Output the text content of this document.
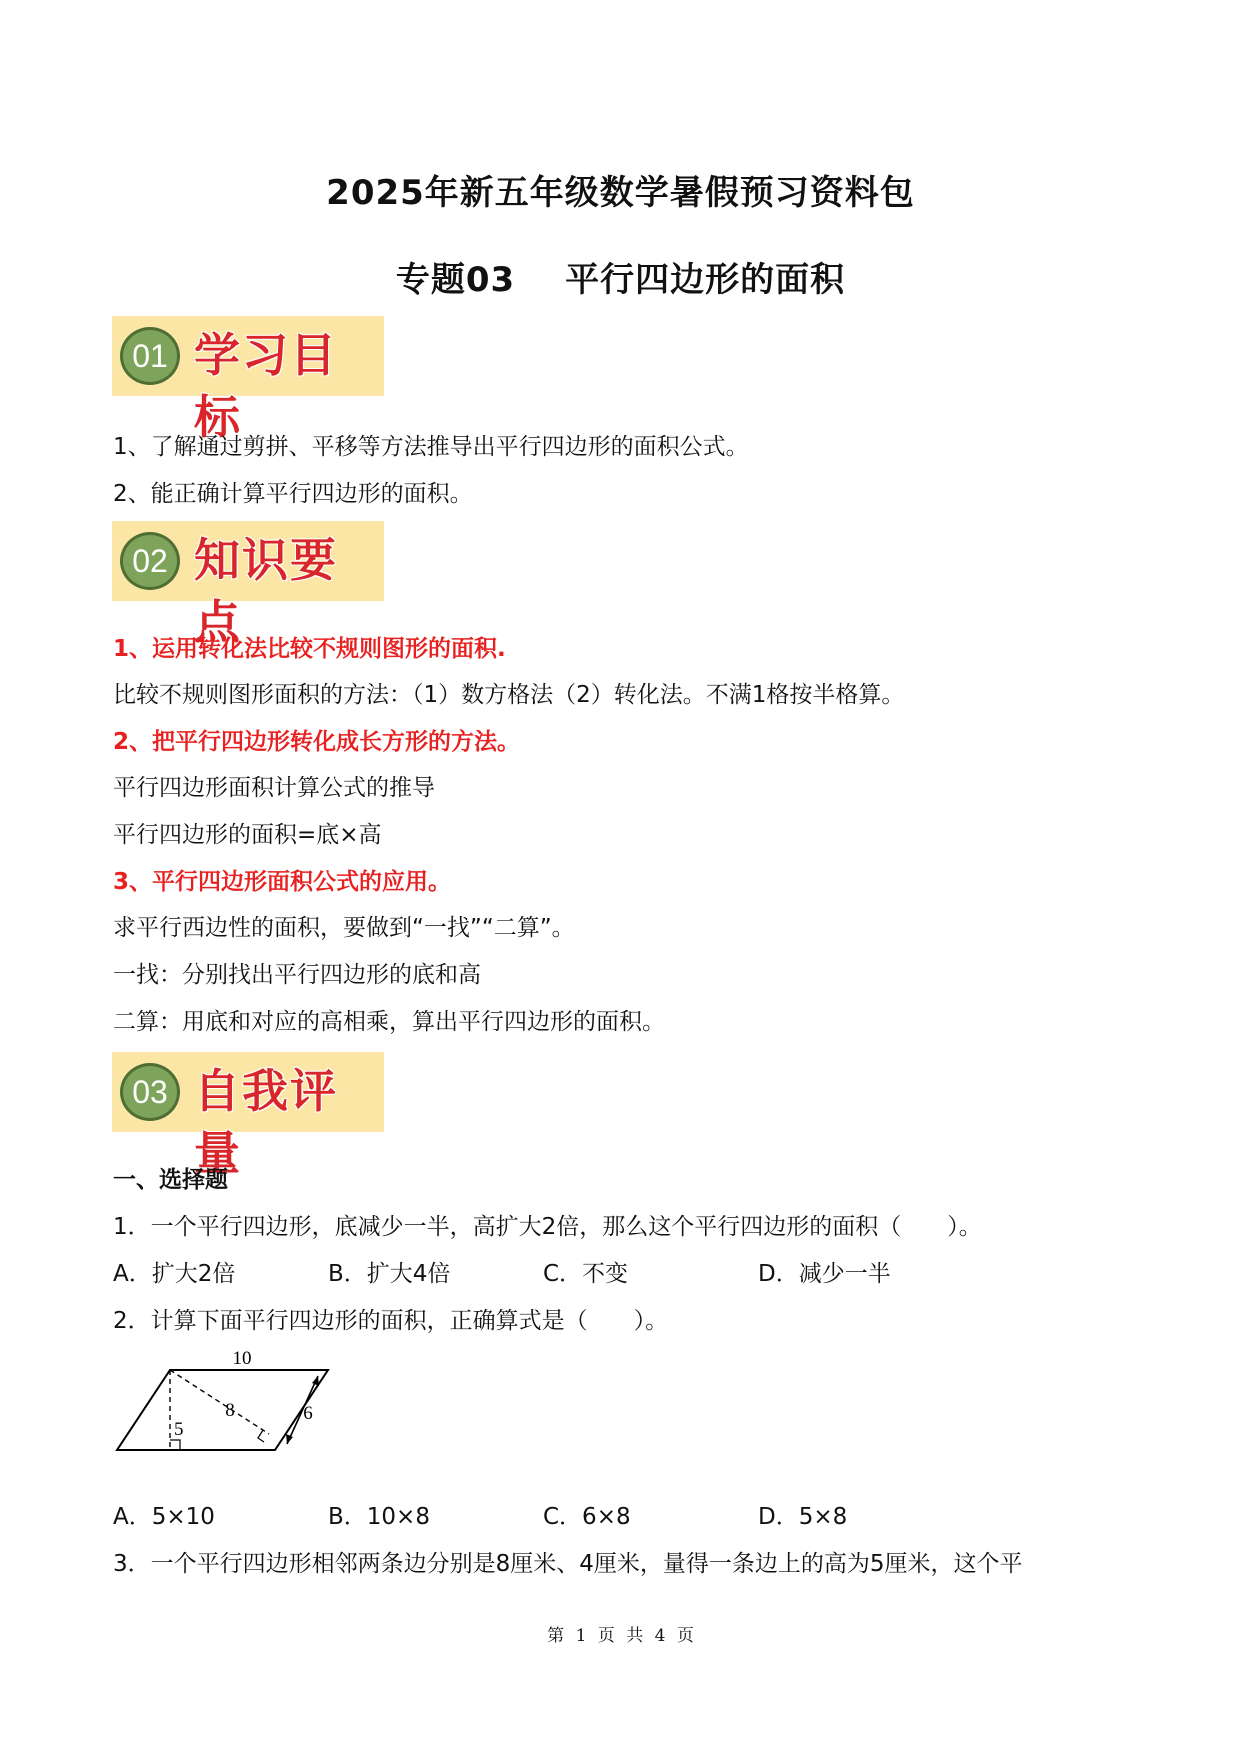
2025年新五年级数学暑假预习资料包
专题03 平行四边形的面积
01 学习目标
1、了解通过剪拼、平移等方法推导出平行四边形的面积公式。
2、能正确计算平行四边形的面积。
02 知识要点
1、运用转化法比较不规则图形的面积.
比较不规则图形面积的方法：（1）数方格法（2）转化法。不满1格按半格算。
2、把平行四边形转化成长方形的方法。
平行四边形面积计算公式的推导
平行四边形的面积=底×高
3、平行四边形面积公式的应用。
求平行西边性的面积，要做到“一找”“二算”。
一找：分别找出平行四边形的底和高
二算：用底和对应的高相乘，算出平行四边形的面积。
03 自我评量
一、选择题
1．一个平行四边形，底减少一半，高扩大2倍，那么这个平行四边形的面积（　　）。
A．扩大2倍	B．扩大4倍	C．不变	D．减少一半
2．计算下面平行四边形的面积，正确算式是（　　）。
10
8
5
6
A．5×10	B．10×8	C．6×8	D．5×8
3．一个平行四边形相邻两条边分别是8厘米、4厘米，量得一条边上的高为5厘米，这个平
第 1 页 共 4 页
